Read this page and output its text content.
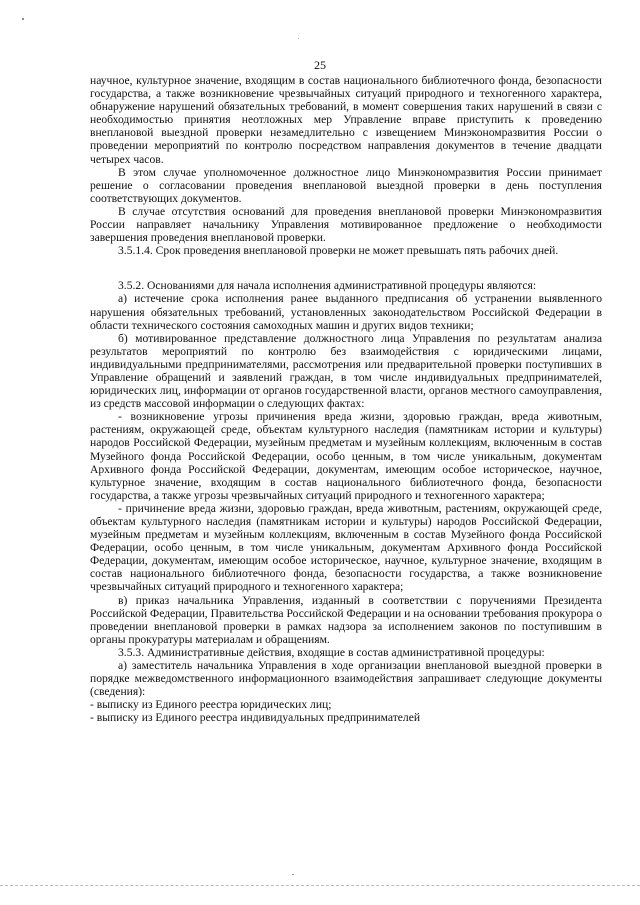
25

научное, культурное значение, входящим в состав национального библиотечного фонда, безопасности государства, а также возникновение чрезвычайных ситуаций природного и техногенного характера, обнаружение нарушений обязательных требований, в момент совершения таких нарушений в связи с необходимостью принятия неотложных мер Управление вправе приступить к проведению внеплановой выездной проверки незамедлительно с извещением Минэкономразвития России о проведении мероприятий по контролю посредством направления документов в течение двадцати четырех часов.

В этом случае уполномоченное должностное лицо Минэкономразвития России принимает решение о согласовании проведения внеплановой выездной проверки в день поступления соответствующих документов.

В случае отсутствия оснований для проведения внеплановой проверки Минэкономразвития России направляет начальнику Управления мотивированное предложение о необходимости завершения проведения внеплановой проверки.

3.5.1.4. Срок проведения внеплановой проверки не может превышать пять рабочих дней.

3.5.2. Основаниями для начала исполнения административной процедуры являются:

а) истечение срока исполнения ранее выданного предписания об устранении выявленного нарушения обязательных требований, установленных законодательством Российской Федерации в области технического состояния самоходных машин и других видов техники;

б) мотивированное представление должностного лица Управления по результатам анализа результатов мероприятий по контролю без взаимодействия с юридическими лицами, индивидуальными предпринимателями, рассмотрения или предварительной проверки поступивших в Управление обращений и заявлений граждан, в том числе индивидуальных предпринимателей, юридических лиц, информации от органов государственной власти, органов местного самоуправления, из средств массовой информации о следующих фактах:

- возникновение угрозы причинения вреда жизни, здоровью граждан, вреда животным, растениям, окружающей среде, объектам культурного наследия (памятникам истории и культуры) народов Российской Федерации, музейным предметам и музейным коллекциям, включенным в состав Музейного фонда Российской Федерации, особо ценным, в том числе уникальным, документам Архивного фонда Российской Федерации, документам, имеющим особое историческое, научное, культурное значение, входящим в состав национального библиотечного фонда, безопасности государства, а также угрозы чрезвычайных ситуаций природного и техногенного характера;

- причинение вреда жизни, здоровью граждан, вреда животным, растениям, окружающей среде, объектам культурного наследия (памятникам истории и культуры) народов Российской Федерации, музейным предметам и музейным коллекциям, включенным в состав Музейного фонда Российской Федерации, особо ценным, в том числе уникальным, документам Архивного фонда Российской Федерации, документам, имеющим особое историческое, научное, культурное значение, входящим в состав национального библиотечного фонда, безопасности государства, а также возникновение чрезвычайных ситуаций природного и техногенного характера;

в) приказ начальника Управления, изданный в соответствии с поручениями Президента Российской Федерации, Правительства Российской Федерации и на основании требования прокурора о проведении внеплановой проверки в рамках надзора за исполнением законов по поступившим в органы прокуратуры материалам и обращениям.

3.5.3. Административные действия, входящие в состав административной процедуры:

а) заместитель начальника Управления в ходе организации внеплановой выездной проверки в порядке межведомственного информационного взаимодействия запрашивает следующие документы (сведения):

- выписку из Единого реестра юридических лиц;

- выписку из Единого реестра индивидуальных предпринимателей
